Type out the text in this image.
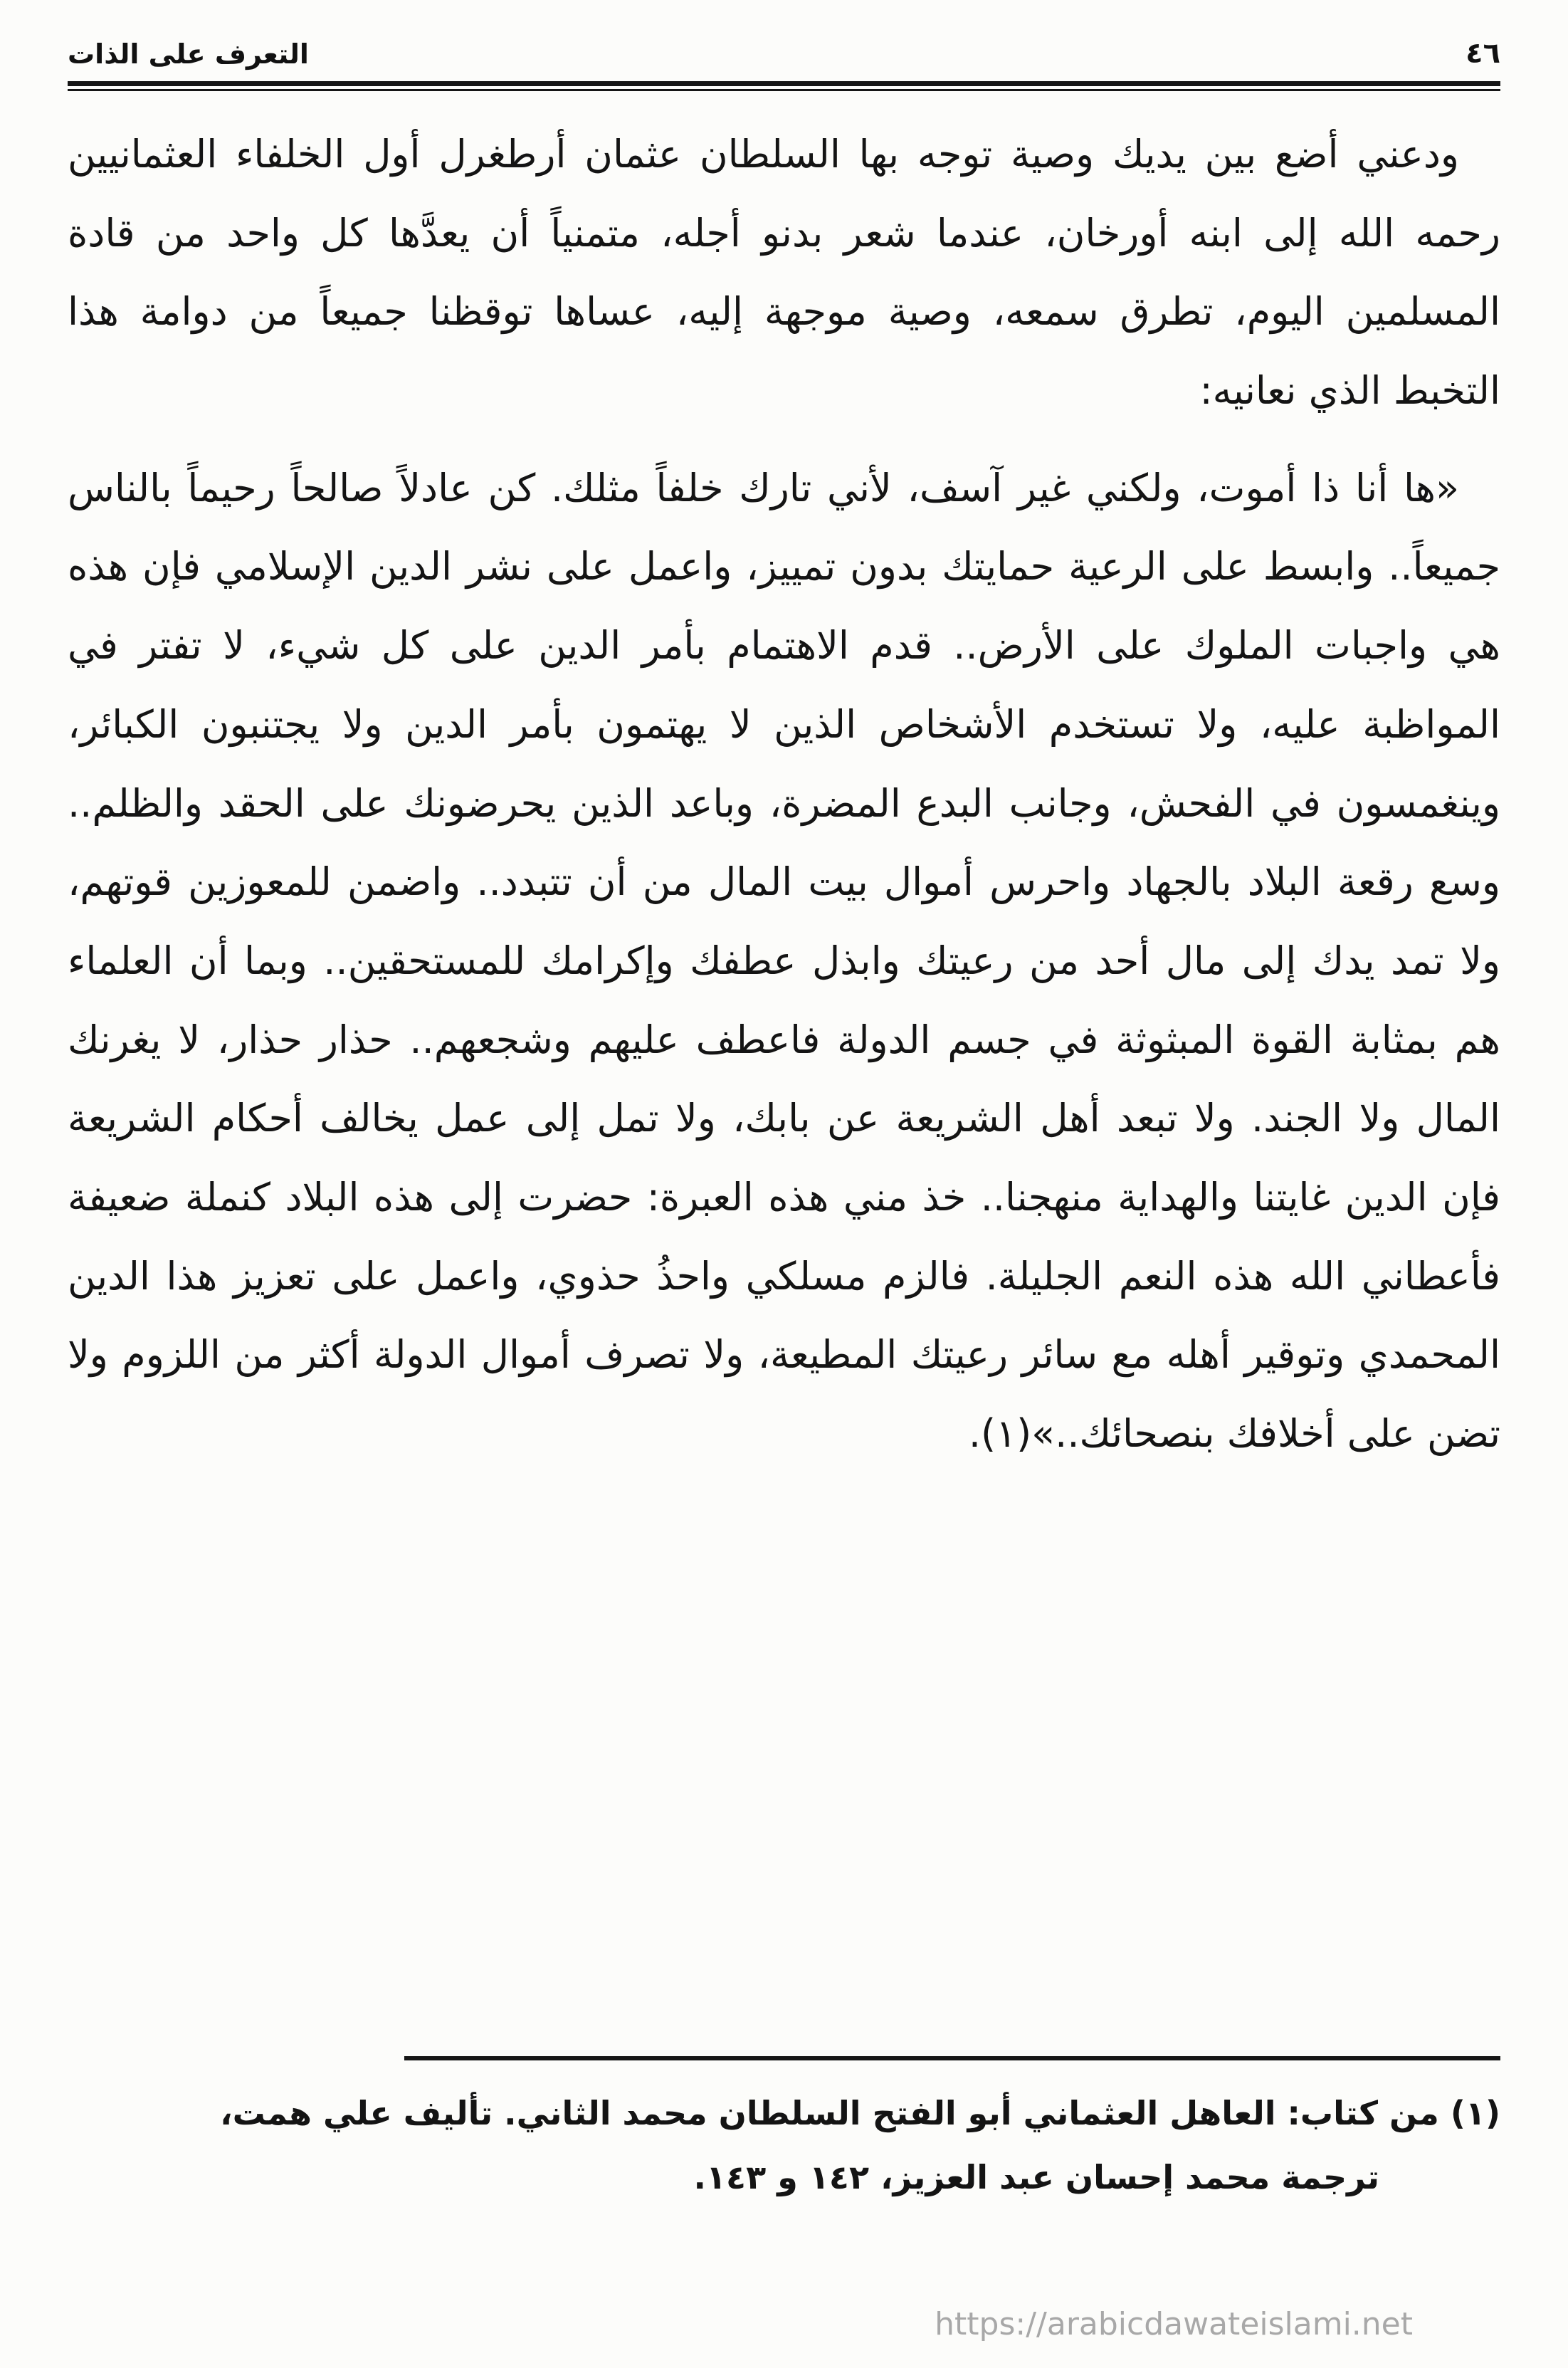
التعرف على الذات	٤٦

ودعني أضع بين يديك وصية توجه بها السلطان عثمان أرطغرل أول الخلفاء العثمانيين رحمه الله إلى ابنه أورخان، عندما شعر بدنو أجله، متمنياً أن يعدَّها كل واحد من قادة المسلمين اليوم، تطرق سمعه، وصية موجهة إليه، عساها توقظنا جميعاً من دوامة هذا التخبط الذي نعانيه:

«ها أنا ذا أموت، ولكني غير آسف، لأني تارك خلفاً مثلك. كن عادلاً صالحاً رحيماً بالناس جميعاً.. وابسط على الرعية حمايتك بدون تمييز، واعمل على نشر الدين الإسلامي فإن هذه هي واجبات الملوك على الأرض.. قدم الاهتمام بأمر الدين على كل شيء، لا تفتر في المواظبة عليه، ولا تستخدم الأشخاص الذين لا يهتمون بأمر الدين ولا يجتنبون الكبائر، وينغمسون في الفحش، وجانب البدع المضرة، وباعد الذين يحرضونك على الحقد والظلم.. وسع رقعة البلاد بالجهاد واحرس أموال بيت المال من أن تتبدد.. واضمن للمعوزين قوتهم، ولا تمد يدك إلى مال أحد من رعيتك وابذل عطفك وإكرامك للمستحقين.. وبما أن العلماء هم بمثابة القوة المبثوثة في جسم الدولة فاعطف عليهم وشجعهم.. حذار حذار، لا يغرنك المال ولا الجند. ولا تبعد أهل الشريعة عن بابك، ولا تمل إلى عمل يخالف أحكام الشريعة فإن الدين غايتنا والهداية منهجنا.. خذ مني هذه العبرة: حضرت إلى هذه البلاد كنملة ضعيفة فأعطاني الله هذه النعم الجليلة. فالزم مسلكي واحذُ حذوي، واعمل على تعزيز هذا الدين المحمدي وتوقير أهله مع سائر رعيتك المطيعة، ولا تصرف أموال الدولة أكثر من اللزوم ولا تضن على أخلافك بنصحائك..»(١).

(١) من كتاب: العاهل العثماني أبو الفتح السلطان محمد الثاني. تأليف علي همت،
ترجمة محمد إحسان عبد العزيز، ١٤٢ و ١٤٣.
https://arabicdawateislami.net
